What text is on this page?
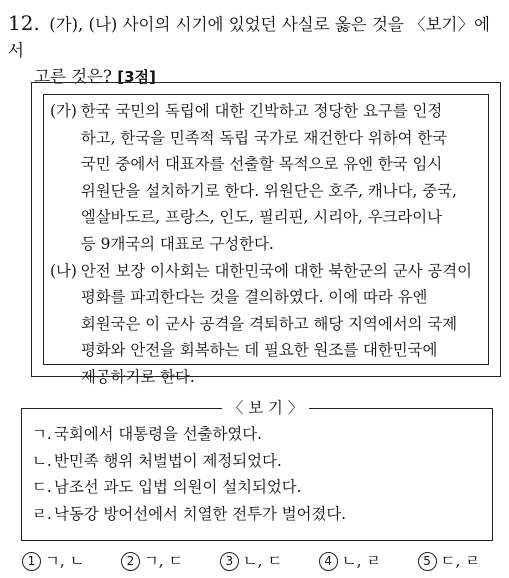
12. (가), (나) 사이의 시기에 있었던 사실로 옳은 것을 〈보기〉에서
고른 것은? [3점]
(가) 한국 국민의 독립에 대한 긴박하고 정당한 요구를 인정
하고, 한국을 민족적 독립 국가로 재건한다 위하여 한국
국민 중에서 대표자를 선출할 목적으로 유엔 한국 임시
위원단을 설치하기로 한다. 위원단은 호주, 캐나다, 중국,
엘살바도르, 프랑스, 인도, 필리핀, 시리아, 우크라이나
등 9개국의 대표로 구성한다.
(나) 안전 보장 이사회는 대한민국에 대한 북한군의 군사 공격이
평화를 파괴한다는 것을 결의하였다. 이에 따라 유엔
회원국은 이 군사 공격을 격퇴하고 해당 지역에서의 국제
평화와 안전을 회복하는 데 필요한 원조를 대한민국에
제공하기로 한다.
〈 보 기 〉
ㄱ. 국회에서 대통령을 선출하였다.
ㄴ. 반민족 행위 처벌법이 제정되었다.
ㄷ. 남조선 과도 입법 의원이 설치되었다.
ㄹ. 낙동강 방어선에서 치열한 전투가 벌어졌다.
1 ㄱ, ㄴ	2 ㄱ, ㄷ	3 ㄴ, ㄷ	4 ㄴ, ㄹ	5 ㄷ, ㄹ
